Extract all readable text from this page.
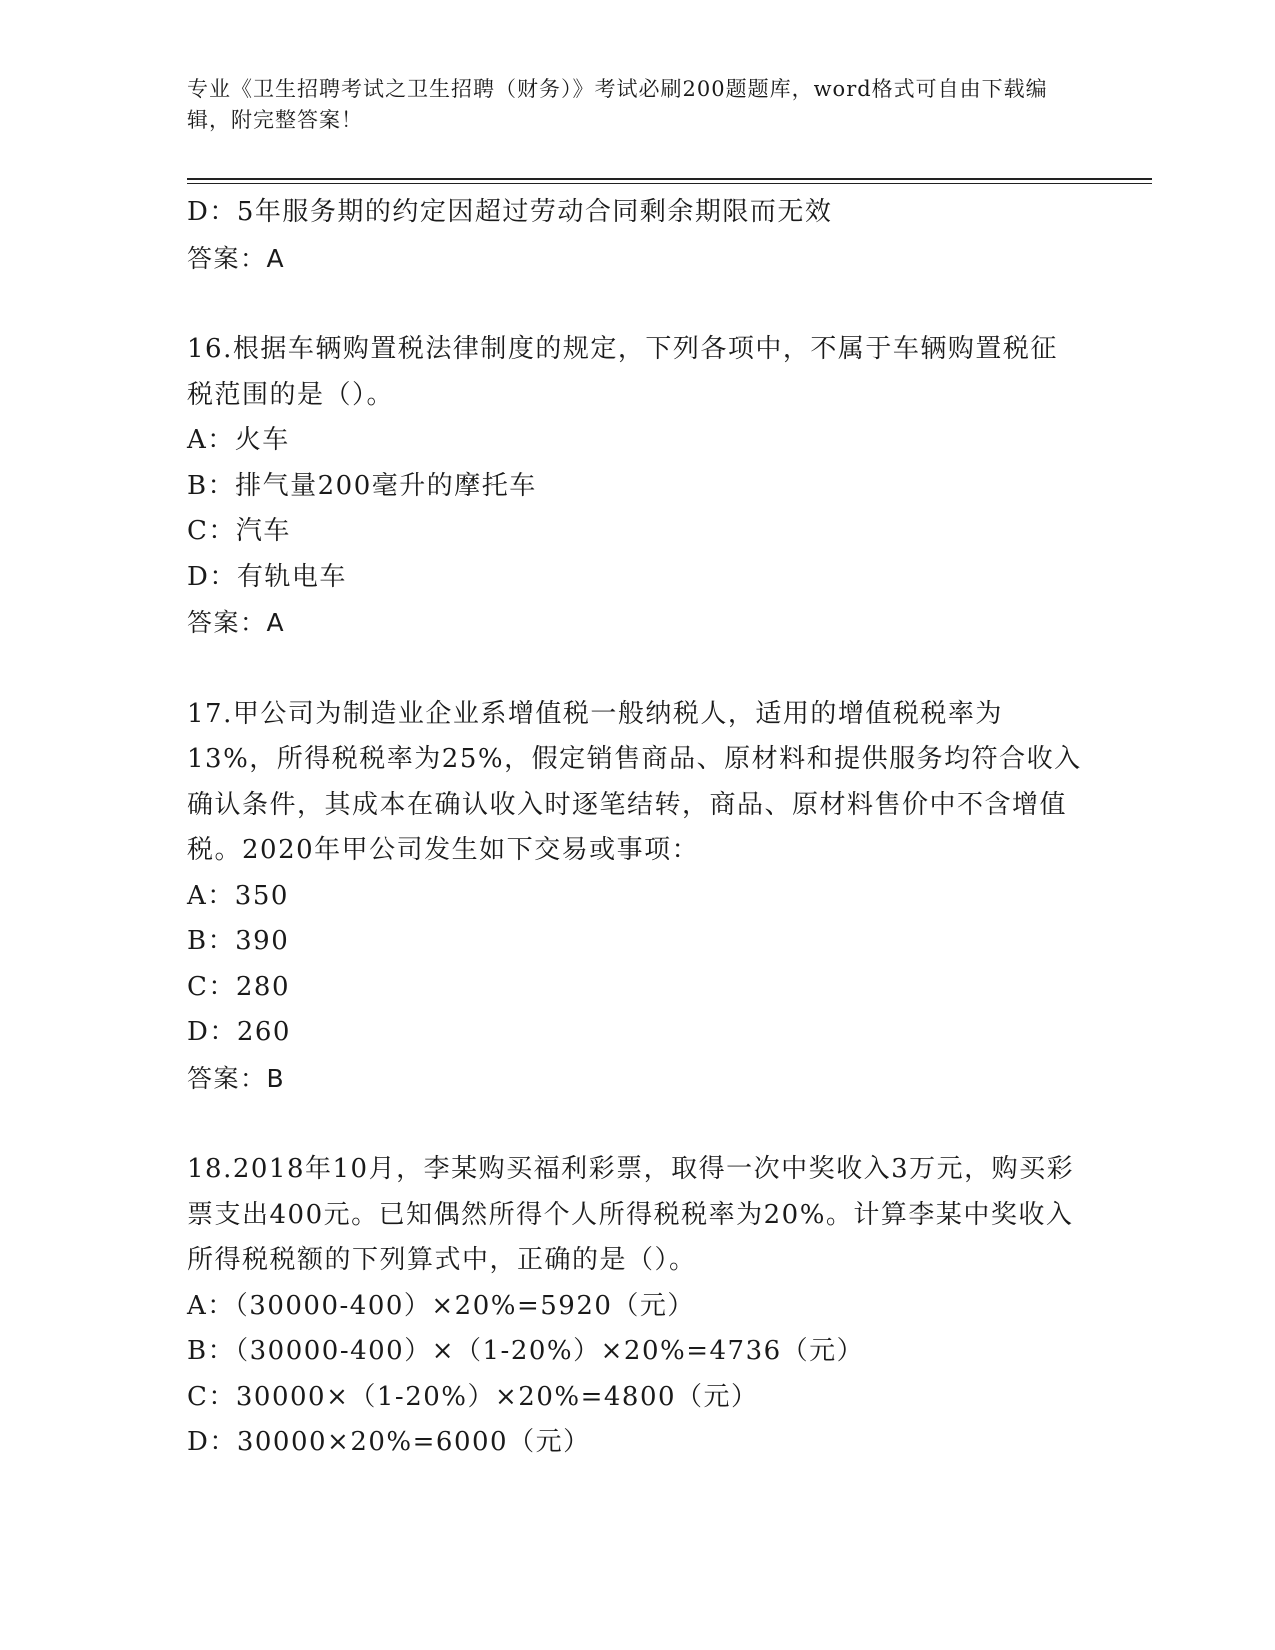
专业《卫生招聘考试之卫生招聘（财务）》考试必刷200题题库，word格式可自由下载编辑，附完整答案！
D：5年服务期的约定因超过劳动合同剩余期限而无效
答案：A
16.根据车辆购置税法律制度的规定，下列各项中，不属于车辆购置税征税范围的是（）。
A：火车
B：排气量200毫升的摩托车
C：汽车
D：有轨电车
答案：A
17.甲公司为制造业企业系增值税一般纳税人，适用的增值税税率为13%，所得税税率为25%，假定销售商品、原材料和提供服务均符合收入确认条件，其成本在确认收入时逐笔结转，商品、原材料售价中不含增值税。2020年甲公司发生如下交易或事项：
A：350
B：390
C：280
D：260
答案：B
18.2018年10月，李某购买福利彩票，取得一次中奖收入3万元，购买彩票支出400元。已知偶然所得个人所得税税率为20%。计算李某中奖收入所得税税额的下列算式中，正确的是（）。
A：（30000-400）×20%=5920（元）
B：（30000-400）×（1-20%）×20%=4736（元）
C：30000×（1-20%）×20%=4800（元）
D：30000×20%=6000（元）
